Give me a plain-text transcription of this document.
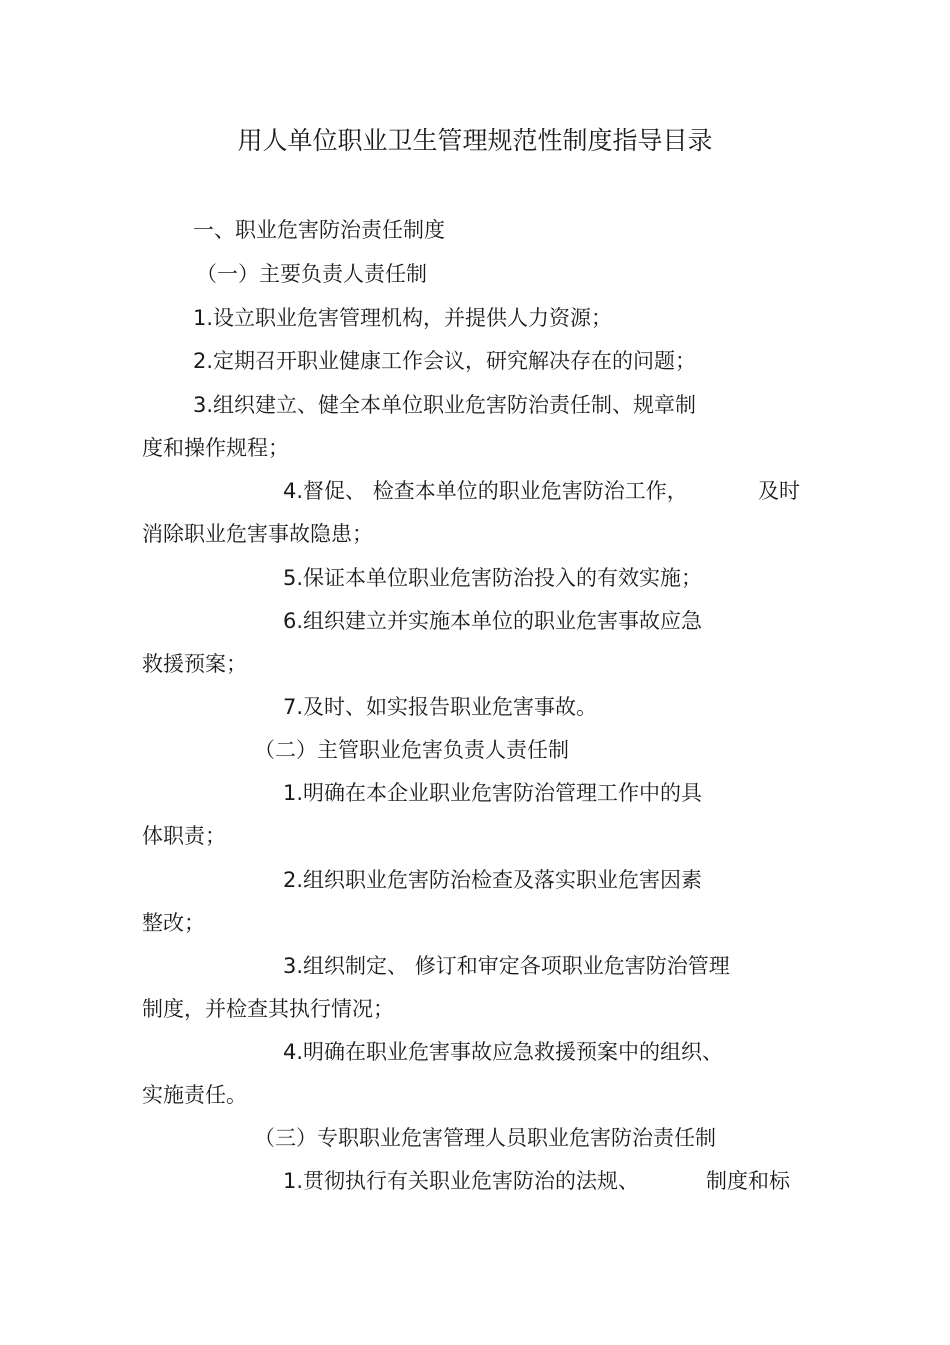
用人单位职业卫生管理规范性制度指导目录
一、职业危害防治责任制度
（一）主要负责人责任制
1.设立职业危害管理机构，并提供人力资源；
2.定期召开职业健康工作会议，研究解决存在的问题；
3.组织建立、健全本单位职业危害防治责任制、规章制
度和操作规程；
4.督促、 检查本单位的职业危害防治工作，	及时
消除职业危害事故隐患；
5.保证本单位职业危害防治投入的有效实施；
6.组织建立并实施本单位的职业危害事故应急
救援预案；
7.及时、如实报告职业危害事故。
（二）主管职业危害负责人责任制
1.明确在本企业职业危害防治管理工作中的具
体职责；
2.组织职业危害防治检查及落实职业危害因素
整改；
3.组织制定、 修订和审定各项职业危害防治管理
制度，并检查其执行情况；
4.明确在职业危害事故应急救援预案中的组织、
实施责任。
（三）专职职业危害管理人员职业危害防治责任制
1.贯彻执行有关职业危害防治的法规、	制度和标
